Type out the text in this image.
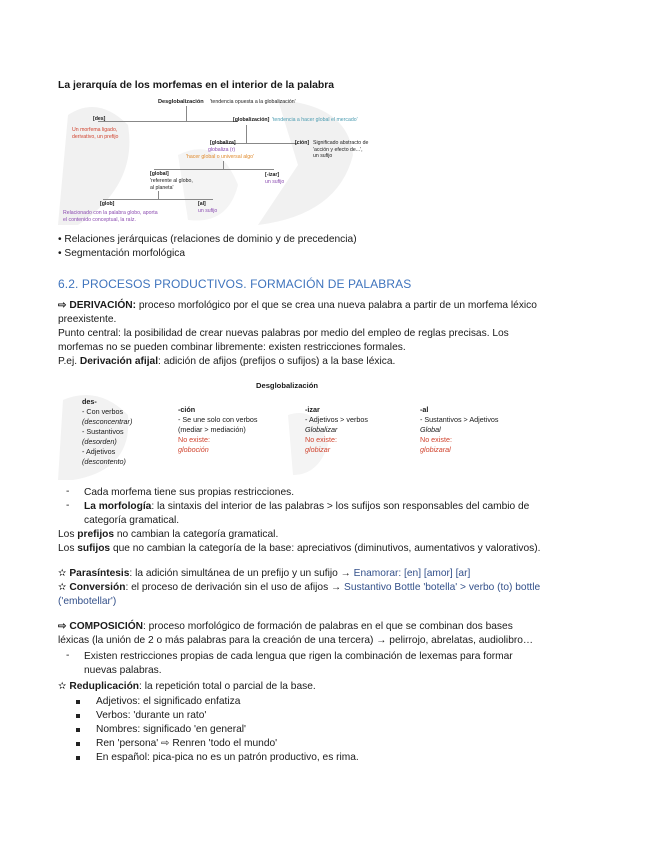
La jerarquía de los morfemas en el interior de la palabra
Desglobalización 'tendencia opuesta a la globalización'
[des]
Un morfema ligado,
derivativo, un prefijo
[globalización] 'tendencia a hacer global el mercado'
[globaliza]
globaliza (r)
'hacer global o universal algo'
[ción] Significado abstracto de
'acción y efecto de...',
un sufijo
[global]
'referente al globo,
al planeta'
[-izar]
un sufijo
[glob]
Relacionado con la palabra globo, aporta
el contenido conceptual, la raíz.
[al]
un sufijo
• Relaciones jerárquicas (relaciones de dominio y de precedencia)
• Segmentación morfológica
6.2. PROCESOS PRODUCTIVOS. FORMACIÓN DE PALABRAS
⇨ DERIVACIÓN: proceso morfológico por el que se crea una nueva palabra a partir de un morfema léxico
preexistente.
Punto central: la posibilidad de crear nuevas palabras por medio del empleo de reglas precisas. Los
morfemas no se pueden combinar libremente: existen restricciones formales.
P.ej. Derivación afijal: adición de afijos (prefijos o sufijos) a la base léxica.
Desglobalización
des-
- Con verbos
(desconcentrar)
- Sustantivos
(desorden)
- Adjetivos
(descontento)
-ción
- Se une solo con verbos
(mediar > mediación)
No existe:
globoción
-izar
- Adjetivos > verbos
Globalizar
No existe:
globizar
-al
- Sustantivos > Adjetivos
Global
No existe:
globizaral
- Cada morfema tiene sus propias restricciones.
- La morfología: la sintaxis del interior de las palabras > los sufijos son responsables del cambio de
categoría gramatical.
Los prefijos no cambian la categoría gramatical.
Los sufijos que no cambian la categoría de la base: apreciativos (diminutivos, aumentativos y valorativos).
✫ Parasíntesis: la adición simultánea de un prefijo y un sufijo → Enamorar: [en] [amor] [ar]
✫ Conversión: el proceso de derivación sin el uso de afijos → Sustantivo Bottle 'botella' > verbo (to) bottle
('embotellar')
⇨ COMPOSICIÓN: proceso morfológico de formación de palabras en el que se combinan dos bases
léxicas (la unión de 2 o más palabras para la creación de una tercera) → pelirrojo, abrelatas, audiolibro…
- Existen restricciones propias de cada lengua que rigen la combinación de lexemas para formar
nuevas palabras.
✫ Reduplicación: la repetición total o parcial de la base.
Adjetivos: el significado enfatiza
Verbos: 'durante un rato'
Nombres: significado 'en general'
Ren 'persona' ⇨ Renren 'todo el mundo'
En español: pica-pica no es un patrón productivo, es rima.
